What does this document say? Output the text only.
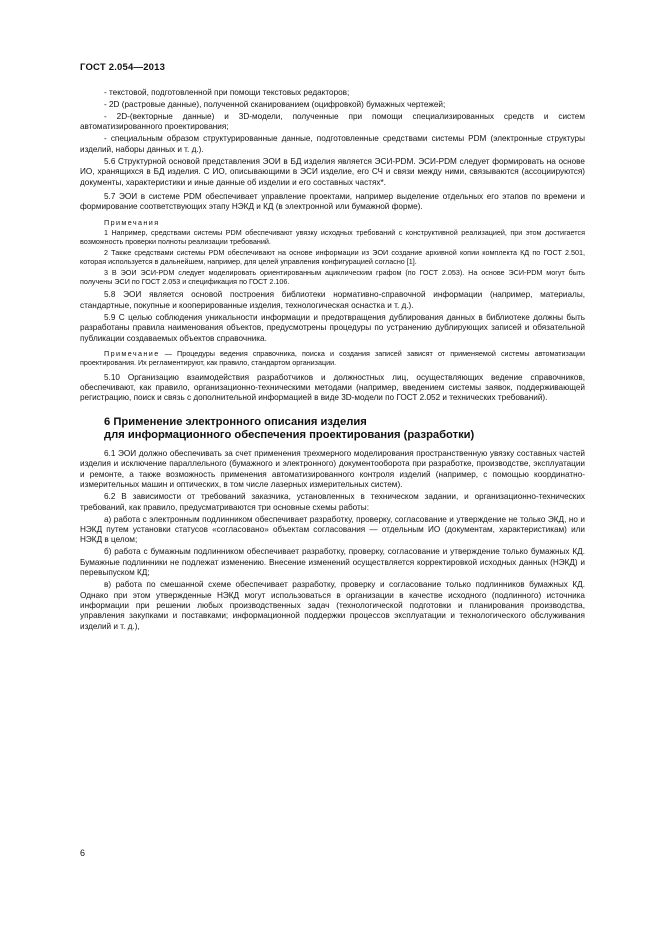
ГОСТ 2.054—2013

- текстовой, подготовленной при помощи текстовых редакторов;

- 2D (растровые данные), полученной сканированием (оцифровкой) бумажных чертежей;

- 2D-(векторные данные) и 3D-модели, полученные при помощи специализированных средств и систем автоматизированного проектирования;

- специальным образом структурированные данные, подготовленные средствами системы PDM (электронные структуры изделий, наборы данных и т. д.).

5.6 Структурной основой представления ЭОИ в БД изделия является ЭСИ-PDM. ЭСИ-PDM следует формировать на основе ИО, хранящихся в БД изделия. С ИО, описывающими в ЭСИ изделие, его СЧ и связи между ними, связываются (ассоциируются) документы, характеристики и иные данные об изделии и его составных частях*.

5.7 ЭОИ в системе PDM обеспечивает управление проектами, например выделение отдельных его этапов по времени и формирование соответствующих этапу НЭКД и КД (в электронной или бумажной форме).

Примечания

1 Например, средствами системы PDM обеспечивают увязку исходных требований с конструктивной реализацией, при этом достигается возможность проверки полноты реализации требований.

2 Также средствами системы PDM обеспечивают на основе информации из ЭОИ создание архивной копии комплекта КД по ГОСТ 2.501, которая используется в дальнейшем, например, для целей управления конфигурацией согласно [1].

3 В ЭОИ ЭСИ-PDM следует моделировать ориентированным ациклическим графом (по ГОСТ 2.053). На основе ЭСИ-PDM могут быть получены ЭСИ по ГОСТ 2.053 и спецификация по ГОСТ 2.106.

5.8 ЭОИ является основой построения библиотеки нормативно-справочной информации (например, материалы, стандартные, покупные и кооперированные изделия, технологическая оснастка и т. д.).

5.9 С целью соблюдения уникальности информации и предотвращения дублирования данных в библиотеке должны быть разработаны правила наименования объектов, предусмотрены процедуры по устранению дублирующих записей и обязательной публикации создаваемых объектов справочника.

Примечание — Процедуры ведения справочника, поиска и создания записей зависят от применяемой системы автоматизации проектирования. Их регламентируют, как правило, стандартом организации.

5.10 Организацию взаимодействия разработчиков и должностных лиц, осуществляющих ведение справочников, обеспечивают, как правило, организационно-техническими методами (например, введением системы заявок, поддерживающей регистрацию, поиск и связь с дополнительной информацией в виде 3D-модели по ГОСТ 2.052 и технических требований).

6 Применение электронного описания изделия
для информационного обеспечения проектирования (разработки)

6.1 ЭОИ должно обеспечивать за счет применения трехмерного моделирования пространственную увязку составных частей изделия и исключение параллельного (бумажного и электронного) документооборота при разработке, производстве, эксплуатации и ремонте, а также возможность применения автоматизированного контроля изделий (например, с помощью координатно-измерительных машин и оптических, в том числе лазерных измерительных систем).

6.2 В зависимости от требований заказчика, установленных в техническом задании, и организационно-технических требований, как правило, предусматриваются три основные схемы работы:

а) работа с электронным подлинником обеспечивает разработку, проверку, согласование и утверждение не только ЭКД, но и НЭКД путем установки статусов «согласовано» объектам согласования — отдельным ИО (документам, характеристикам) или НЭКД в целом;

б) работа с бумажным подлинником обеспечивает разработку, проверку, согласование и утверждение только бумажных КД. Бумажные подлинники не подлежат изменению. Внесение изменений осуществляется корректировкой исходных данных (НЭКД) и перевыпуском КД;

в) работа по смешанной схеме обеспечивает разработку, проверку и согласование только подлинников бумажных КД. Однако при этом утвержденные НЭКД могут использоваться в организации в качестве исходного (подлинного) источника информации при решении любых производственных задач (технологической подготовки и планирования производства, управления закупками и поставками; информационной поддержки процессов эксплуатации и технологического обслуживания изделий и т. д.),

6
